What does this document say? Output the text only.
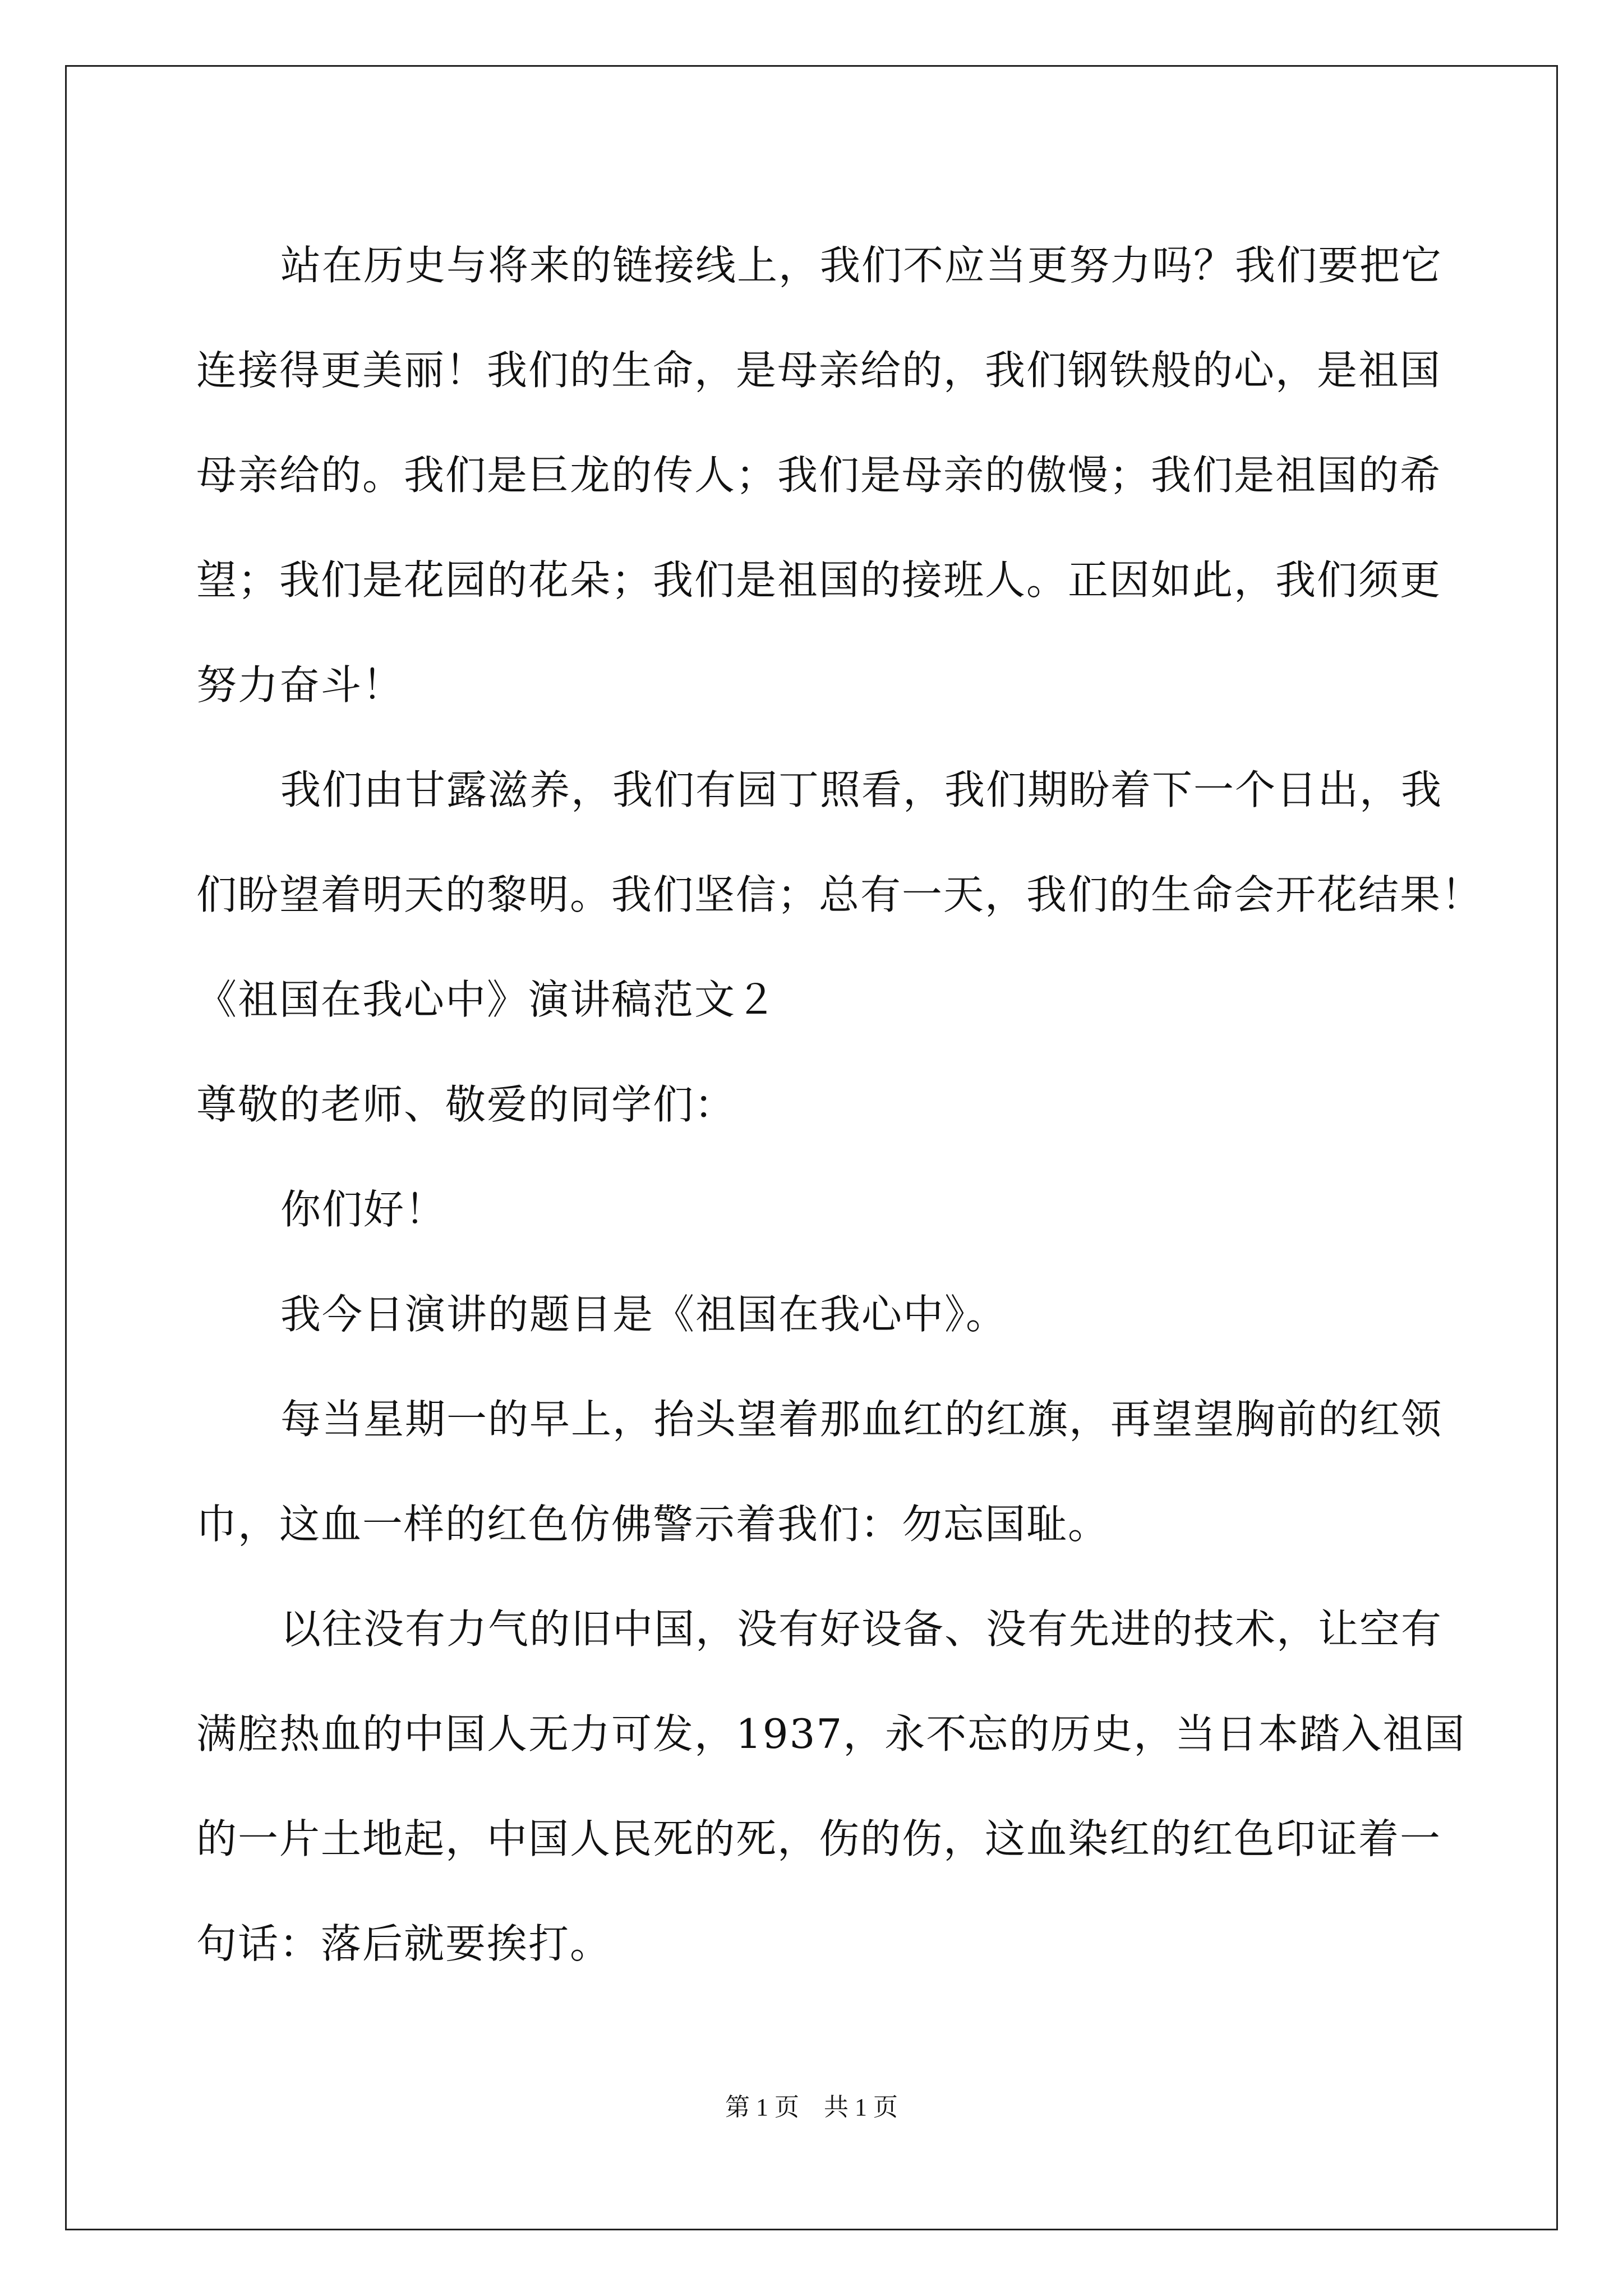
站在历史与将来的链接线上，我们不应当更努力吗？我们要把它
连接得更美丽！我们的生命，是母亲给的，我们钢铁般的心，是祖国
母亲给的。我们是巨龙的传人；我们是母亲的傲慢；我们是祖国的希
望；我们是花园的花朵；我们是祖国的接班人。正因如此，我们须更
努力奋斗！
我们由甘露滋养，我们有园丁照看，我们期盼着下一个日出，我
们盼望着明天的黎明。我们坚信；总有一天，我们的生命会开花结果！
《祖国在我心中》演讲稿范文２
尊敬的老师、敬爱的同学们：
你们好！
我今日演讲的题目是《祖国在我心中》。
每当星期一的早上，抬头望着那血红的红旗，再望望胸前的红领
巾，这血一样的红色仿佛警示着我们：勿忘国耻。
以往没有力气的旧中国，没有好设备、没有先进的技术，让空有
满腔热血的中国人无力可发，1937，永不忘的历史，当日本踏入祖国
的一片土地起，中国人民死的死，伤的伤，这血染红的红色印证着一
句话：落后就要挨打。
第 1 页　共 1 页
